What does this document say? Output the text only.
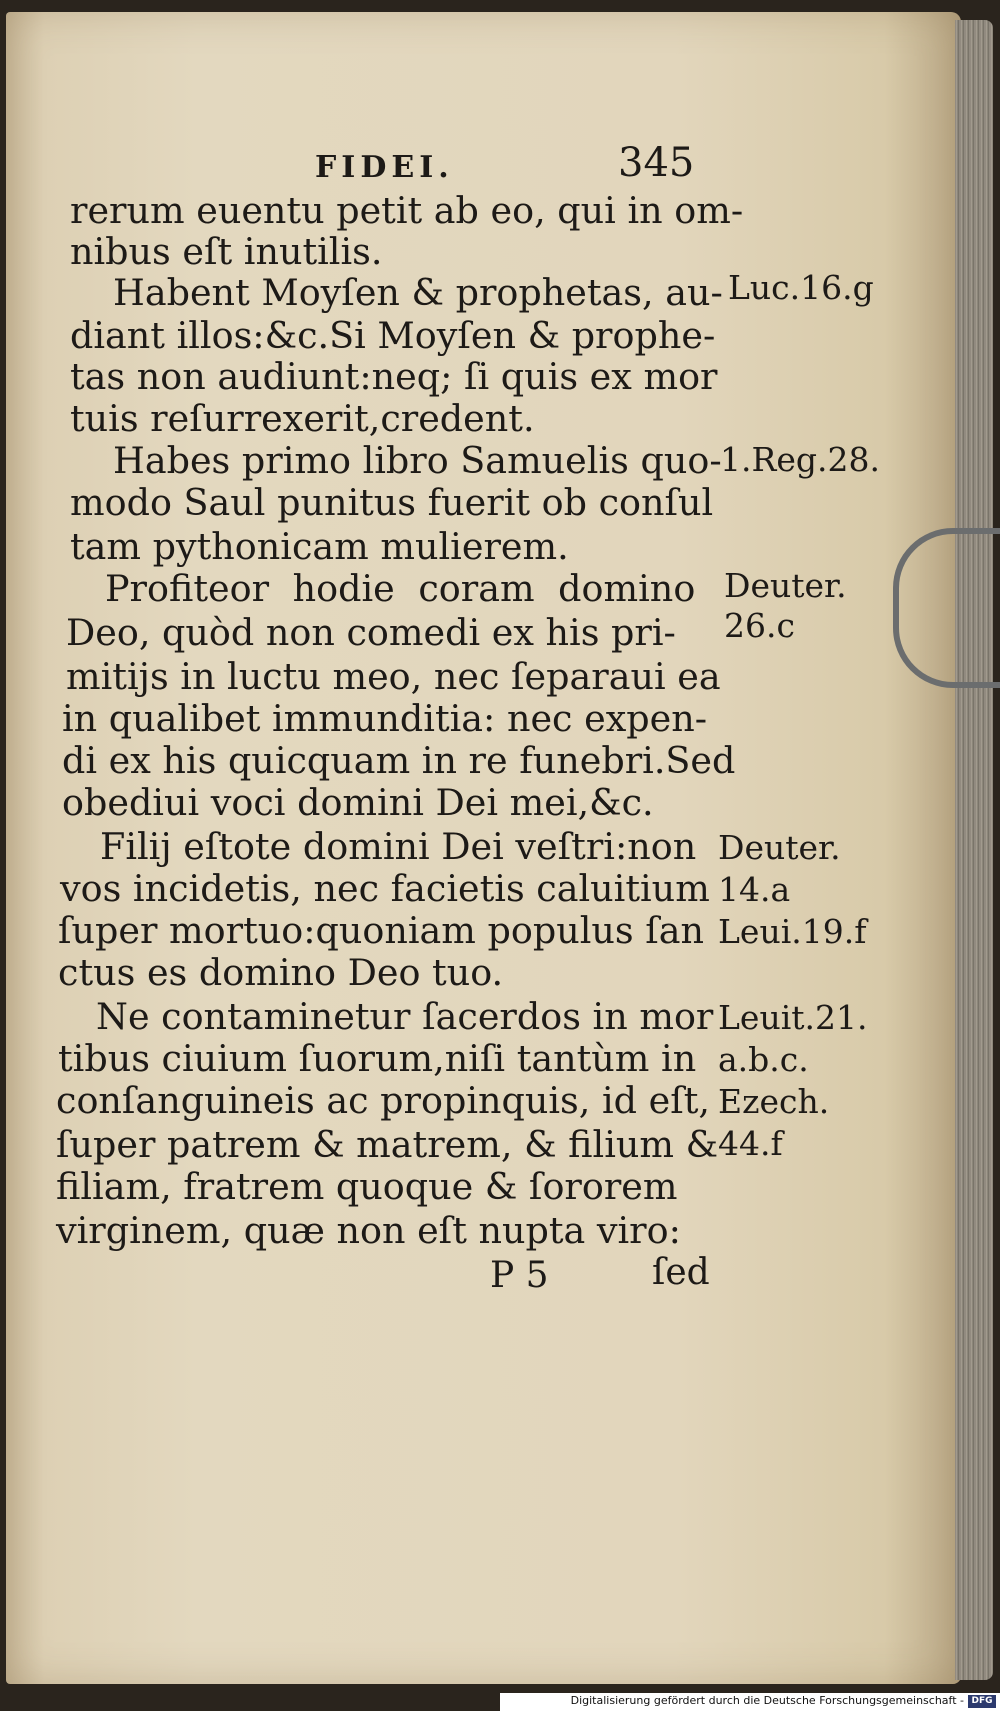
FIDEI.	345
rerum euentu petit ab eo, qui in om-
nibus eſt inutilis.
Habent Moyſen & prophetas, au-
diant illos:&c.Si Moyſen & prophe-
tas non audiunt:neq; ſi quis ex mor
tuis reſurrexerit,credent.
Habes primo libro Samuelis quo-
modo Saul punitus fuerit ob conſul
tam pythonicam mulierem.
Profiteor hodie coram domino
Deo, quòd non comedi ex his pri-
mitijs in luctu meo, nec ſeparaui ea
in qualibet immunditia: nec expen-
di ex his quicquam in re funebri.Sed
obediui voci domini Dei mei,&c.
Filij eſtote domini Dei veſtri:non
vos incidetis, nec facietis caluitium
ſuper mortuo:quoniam populus ſan
ctus es domino Deo tuo.
Ne contaminetur ſacerdos in mor
tibus ciuium ſuorum,niſi tantùm in
conſanguineis ac propinquis, id eſt,
ſuper patrem & matrem, & filium &
filiam, fratrem quoque & ſororem
virginem, quæ non eſt nupta viro:
Luc.16.g
1.Reg.28.
Deuter.
26.c
Deuter.
14.a
Leui.19.f
Leuit.21.
a.b.c.
Ezech.
44.f
P 5	ſed
Digitalisierung gefördert durch die Deutsche Forschungsgemeinschaft - DFG
